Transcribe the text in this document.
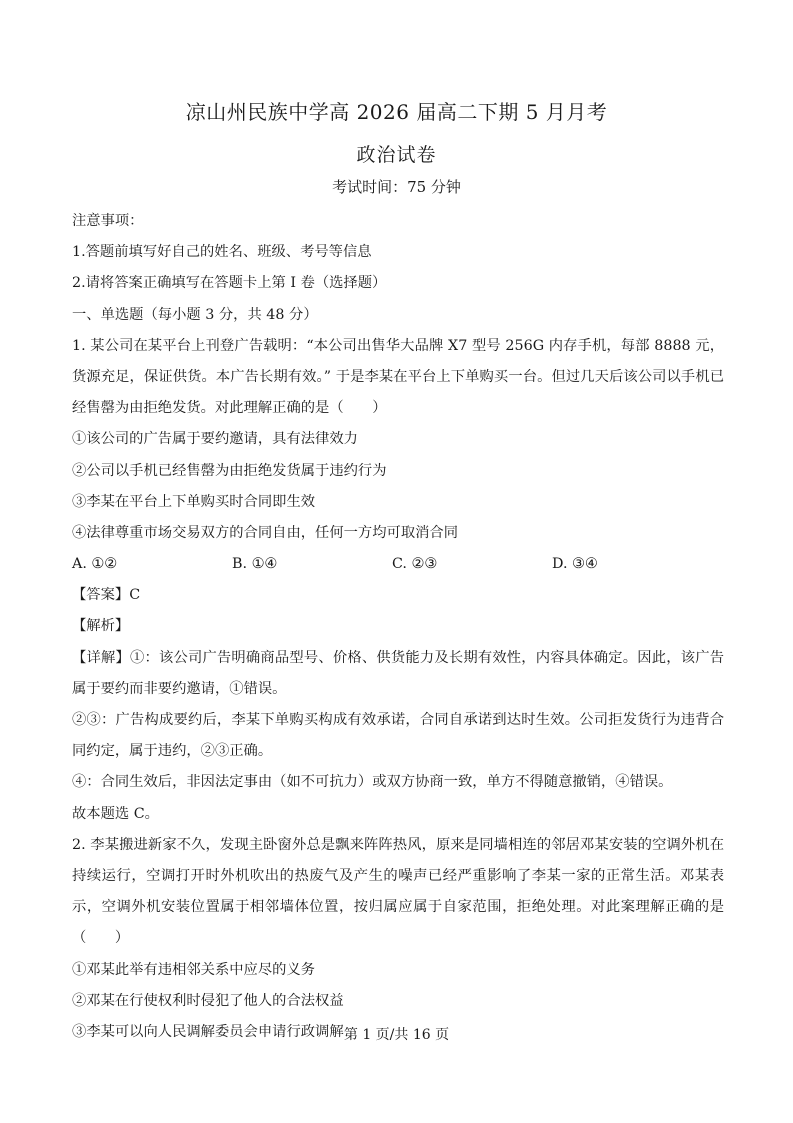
凉山州民族中学高 2026 届高二下期 5 月月考
政治试卷
考试时间：75 分钟
注意事项：
1.答题前填写好自己的姓名、班级、考号等信息
2.请将答案正确填写在答题卡上第 I 卷（选择题）
一、单选题（每小题 3 分，共 48 分）
1. 某公司在某平台上刊登广告载明：“本公司出售华大品牌 X7 型号 256G 内存手机，每部 8888 元，货源充足，保证供货。本广告长期有效。” 于是李某在平台上下单购买一台。但过几天后该公司以手机已经售罄为由拒绝发货。对此理解正确的是（　　）
①该公司的广告属于要约邀请，具有法律效力
②公司以手机已经售罄为由拒绝发货属于违约行为
③李某在平台上下单购买时合同即生效
④法律尊重市场交易双方的合同自由，任何一方均可取消合同
A. ①②	B. ①④	C. ②③	D. ③④
【答案】C
【解析】
【详解】①：该公司广告明确商品型号、价格、供货能力及长期有效性，内容具体确定。因此，该广告属于要约而非要约邀请，①错误。
②③：广告构成要约后，李某下单购买构成有效承诺，合同自承诺到达时生效。公司拒发货行为违背合同约定，属于违约，②③正确。
④：合同生效后，非因法定事由（如不可抗力）或双方协商一致，单方不得随意撤销，④错误。
故本题选 C。
2. 李某搬进新家不久，发现主卧窗外总是飘来阵阵热风，原来是同墙相连的邻居邓某安装的空调外机在持续运行，空调打开时外机吹出的热废气及产生的噪声已经严重影响了李某一家的正常生活。邓某表示，空调外机安装位置属于相邻墙体位置，按归属应属于自家范围，拒绝处理。对此案理解正确的是（　　）
①邓某此举有违相邻关系中应尽的义务
②邓某在行使权利时侵犯了他人的合法权益
③李某可以向人民调解委员会申请行政调解 第 1 页/共 16 页
